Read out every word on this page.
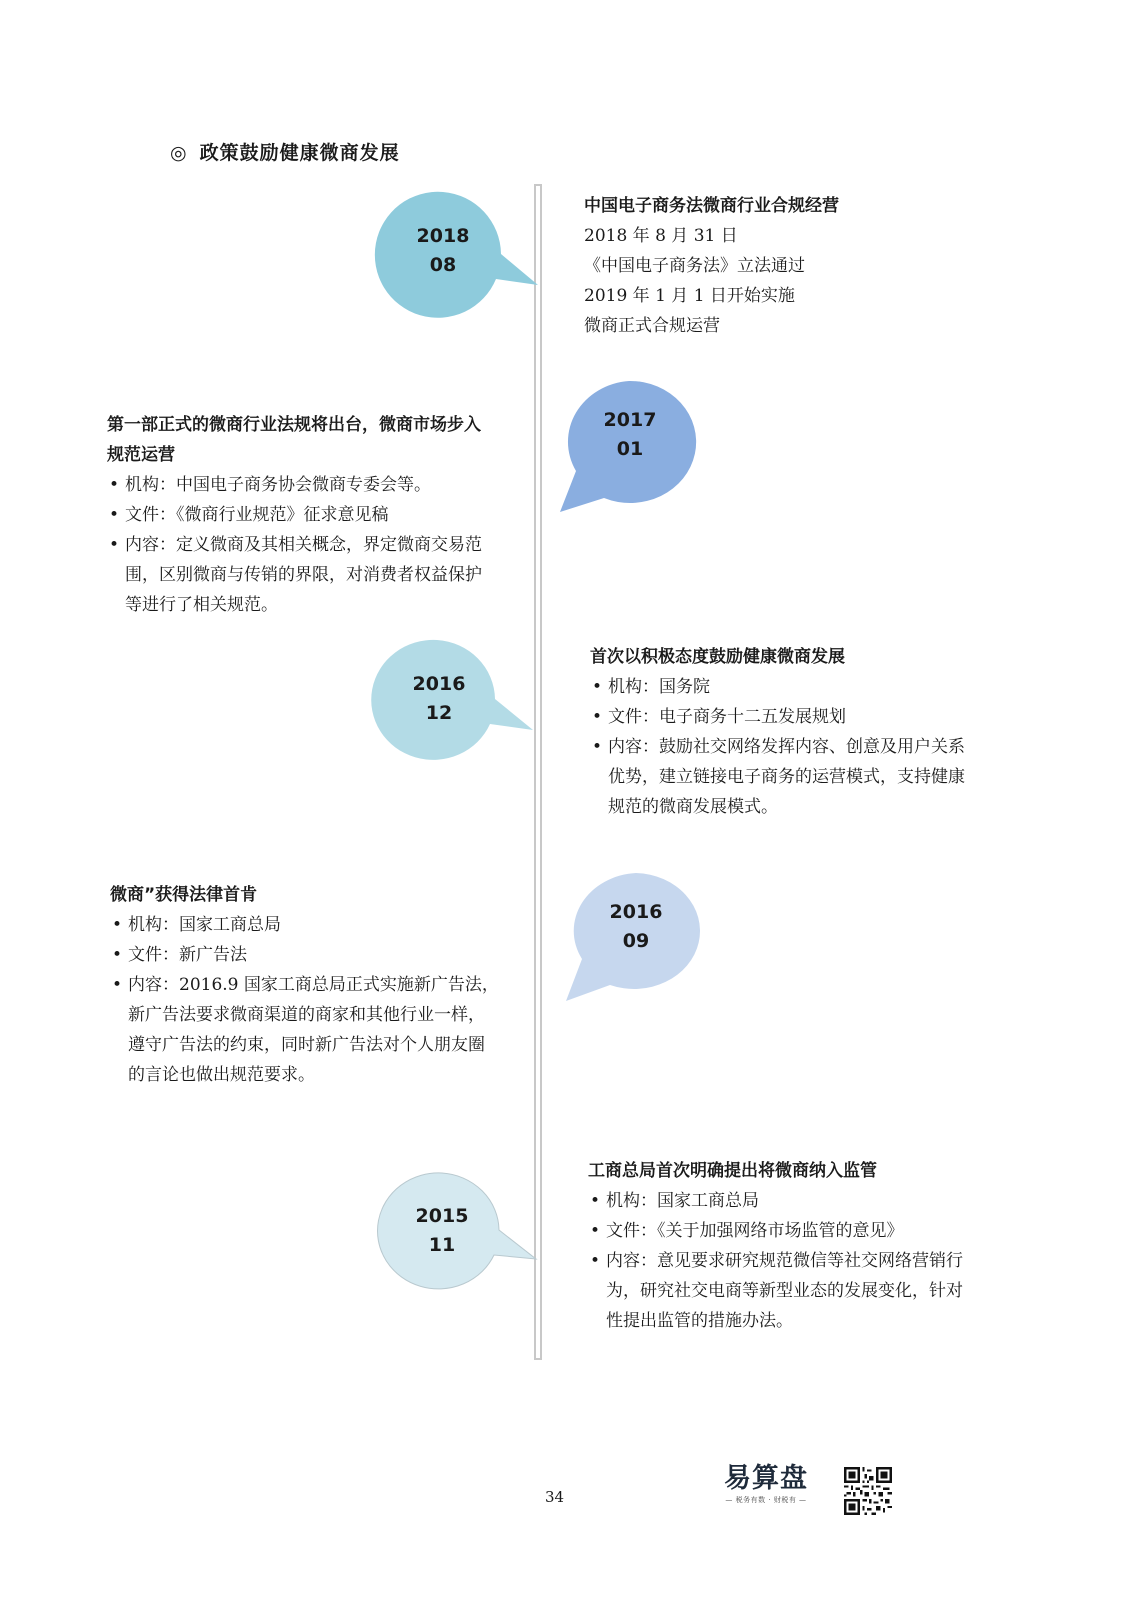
◎ 政策鼓励健康微商发展
2018
08
中国电子商务法微商行业合规经营
2018 年 8 月 31 日
《中国电子商务法》立法通过
2019 年 1 月 1 日开始实施
微商正式合规运营
2017
01
第一部正式的微商行业法规将出台，微商市场步入
规范运营
• 机构：中国电子商务协会微商专委会等。
• 文件：《微商行业规范》征求意见稿
• 内容：定义微商及其相关概念，界定微商交易范
围，区别微商与传销的界限，对消费者权益保护
等进行了相关规范。
2016
12
首次以积极态度鼓励健康微商发展
• 机构：国务院
• 文件：电子商务十二五发展规划
• 内容：鼓励社交网络发挥内容、创意及用户关系
优势，建立链接电子商务的运营模式，支持健康
规范的微商发展模式。
2016
09
微商”获得法律首肯
• 机构：国家工商总局
• 文件：新广告法
• 内容：2016.9 国家工商总局正式实施新广告法，
新广告法要求微商渠道的商家和其他行业一样，
遵守广告法的约束，同时新广告法对个人朋友圈
的言论也做出规范要求。
2015
11
工商总局首次明确提出将微商纳入监管
• 机构：国家工商总局
• 文件：《关于加强网络市场监管的意见》
• 内容：意见要求研究规范微信等社交网络营销行
为，研究社交电商等新型业态的发展变化，针对
性提出监管的措施办法。
34
易算盘
— 税务有数 · 财税有 —
